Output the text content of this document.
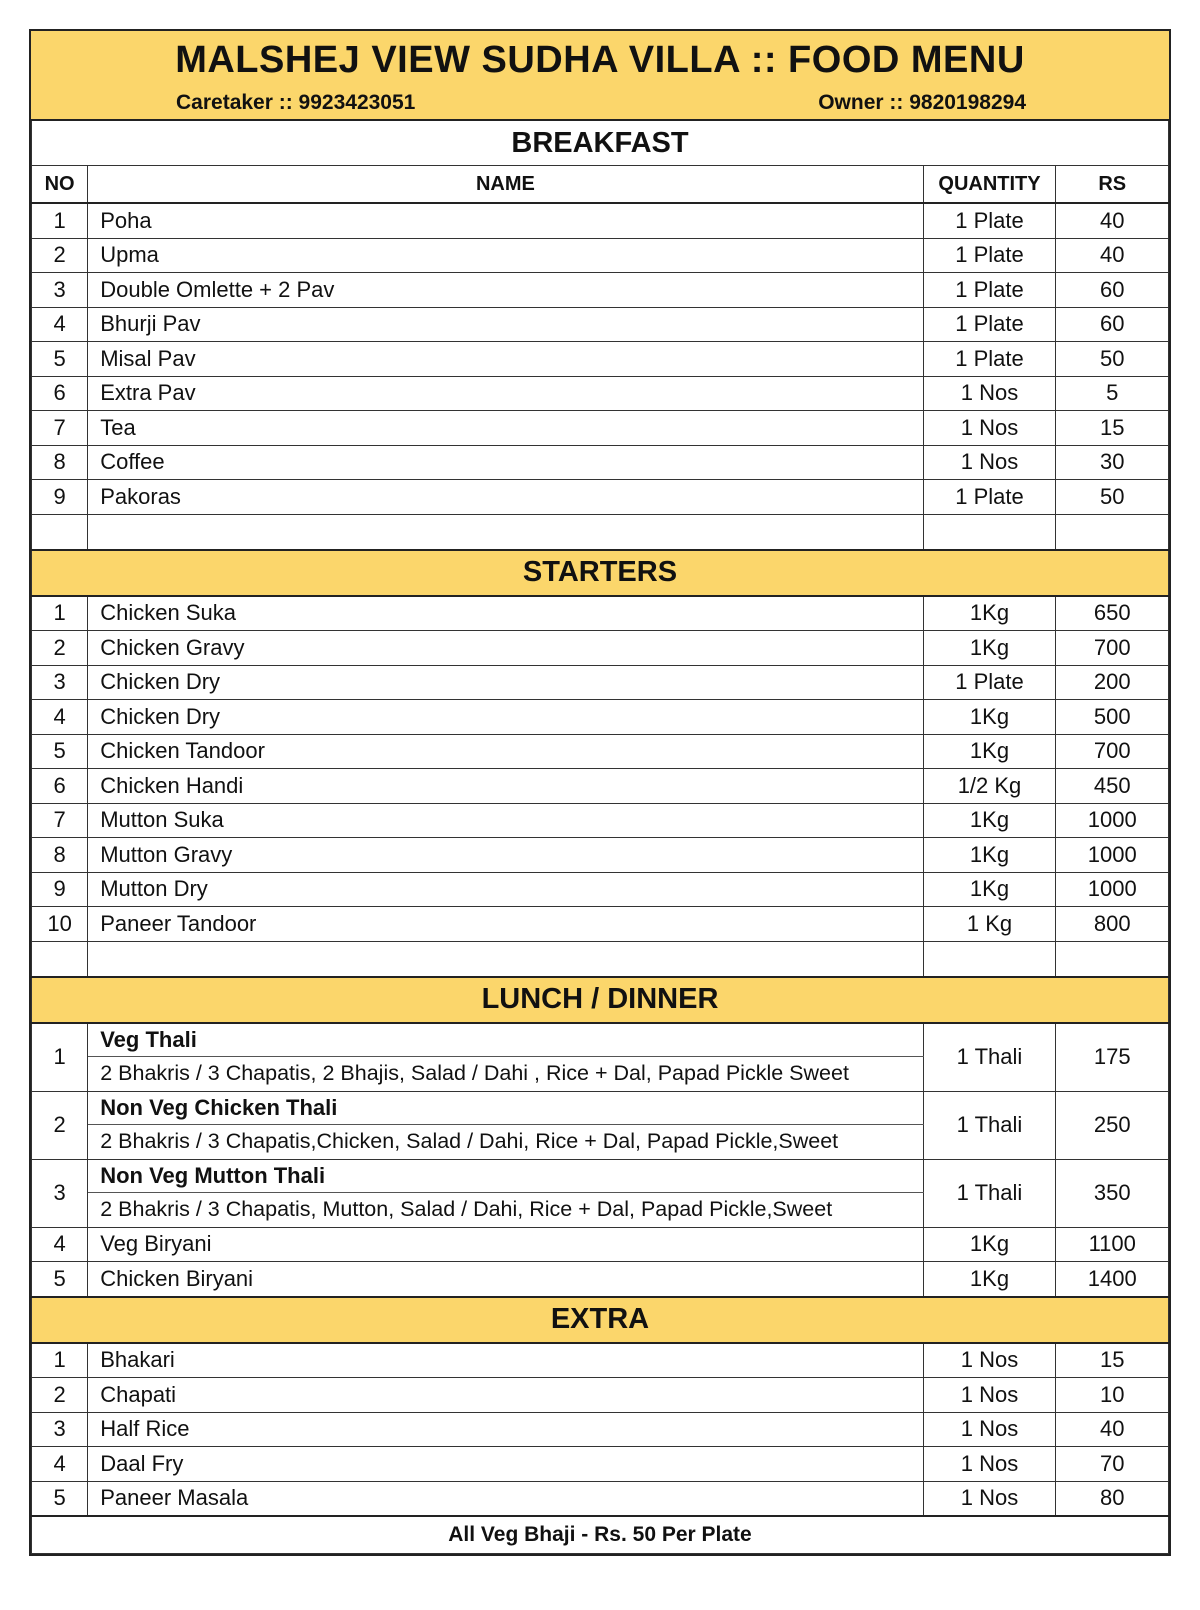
MALSHEJ VIEW SUDHA VILLA :: FOOD MENU
Caretaker :: 9923423051	Owner :: 9820198294
BREAKFAST			
NO	NAME	QUANTITY	RS
1	Poha	1 Plate	40
2	Upma	1 Plate	40
3	Double Omlette + 2 Pav	1 Plate	60
4	Bhurji Pav	1 Plate	60
5	Misal Pav	1 Plate	50
6	Extra Pav	1 Nos	5
7	Tea	1 Nos	15
8	Coffee	1 Nos	30
9	Pakoras	1 Plate	50

STARTERS			
1	Chicken Suka	1Kg	650
2	Chicken Gravy	1Kg	700
3	Chicken Dry	1 Plate	200
4	Chicken Dry	1Kg	500
5	Chicken Tandoor	1Kg	700
6	Chicken Handi	1/2 Kg	450
7	Mutton Suka	1Kg	1000
8	Mutton Gravy	1Kg	1000
9	Mutton Dry	1Kg	1000
10	Paneer Tandoor	1 Kg	800

LUNCH / DINNER			
1	Veg Thali	1 Thali	175
	2 Bhakris / 3 Chapatis, 2 Bhajis, Salad / Dahi , Rice + Dal, Papad Pickle Sweet		
2	Non Veg Chicken Thali	1 Thali	250
	2 Bhakris / 3 Chapatis,Chicken, Salad / Dahi, Rice + Dal, Papad Pickle,Sweet		
3	Non Veg Mutton Thali	1 Thali	350
	2 Bhakris / 3 Chapatis, Mutton, Salad / Dahi, Rice + Dal, Papad Pickle,Sweet		
4	Veg Biryani	1Kg	1100
5	Chicken Biryani	1Kg	1400
EXTRA			
1	Bhakari	1 Nos	15
2	Chapati	1 Nos	10
3	Half Rice	1 Nos	40
4	Daal Fry	1 Nos	70
5	Paneer Masala	1 Nos	80
All Veg Bhaji - Rs. 50 Per Plate			
